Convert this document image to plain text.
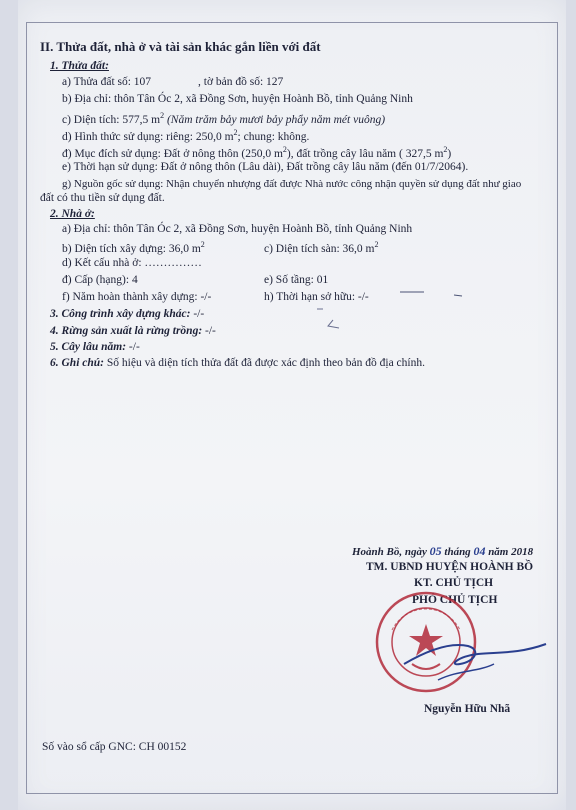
II. Thửa đất, nhà ở và tài sản khác gắn liền với đất
1. Thửa đất:
a) Thửa đất số: 107	, tờ bản đồ số: 127
b) Địa chỉ: thôn Tân Óc 2, xã Đồng Sơn, huyện Hoành Bồ, tỉnh Quảng Ninh
c) Diện tích: 577,5 $m^2$ (Năm trăm bảy mươi bảy phẩy năm mét vuông)
d) Hình thức sử dụng: riêng: 250,0 $m^2$; chung: không.
đ) Mục đích sử dụng: Đất ở nông thôn (250,0 $m^2$), đất trồng cây lâu năm ( 327,5 $m^2$)
e) Thời hạn sử dụng: Đất ở nông thôn (Lâu dài), Đất trồng cây lâu năm (đến 01/7/2064).
g) Nguồn gốc sử dụng: Nhận chuyển nhượng đất được Nhà nước công nhận quyền sử dụng đất như giao
đất có thu tiền sử dụng đất.
2. Nhà ở:
a) Địa chỉ: thôn Tân Óc 2, xã Đồng Sơn, huyện Hoành Bồ, tỉnh Quảng Ninh
b) Diện tích xây dựng: 36,0 $m^2$	c) Diện tích sàn: 36,0 $m^2$
d) Kết cấu nhà ở: ……………
đ) Cấp (hạng): 4	e) Số tầng: 01
f) Năm hoàn thành xây dựng: -/-	h) Thời hạn sở hữu: -/-
3. Công trình xây dựng khác: -/-
4. Rừng sản xuất là rừng trồng: -/-
5. Cây lâu năm: -/-
6. Ghi chú: Số hiệu và diện tích thửa đất đã được xác định theo bản đồ địa chính.
Hoành Bồ, ngày 05 tháng 04 năm 2018
TM. UBND HUYỆN HOÀNH BỒ
KT. CHỦ TỊCH
PHÓ CHỦ TỊCH
Nguyễn Hữu Nhã
Số vào sổ cấp GNC: CH 00152
